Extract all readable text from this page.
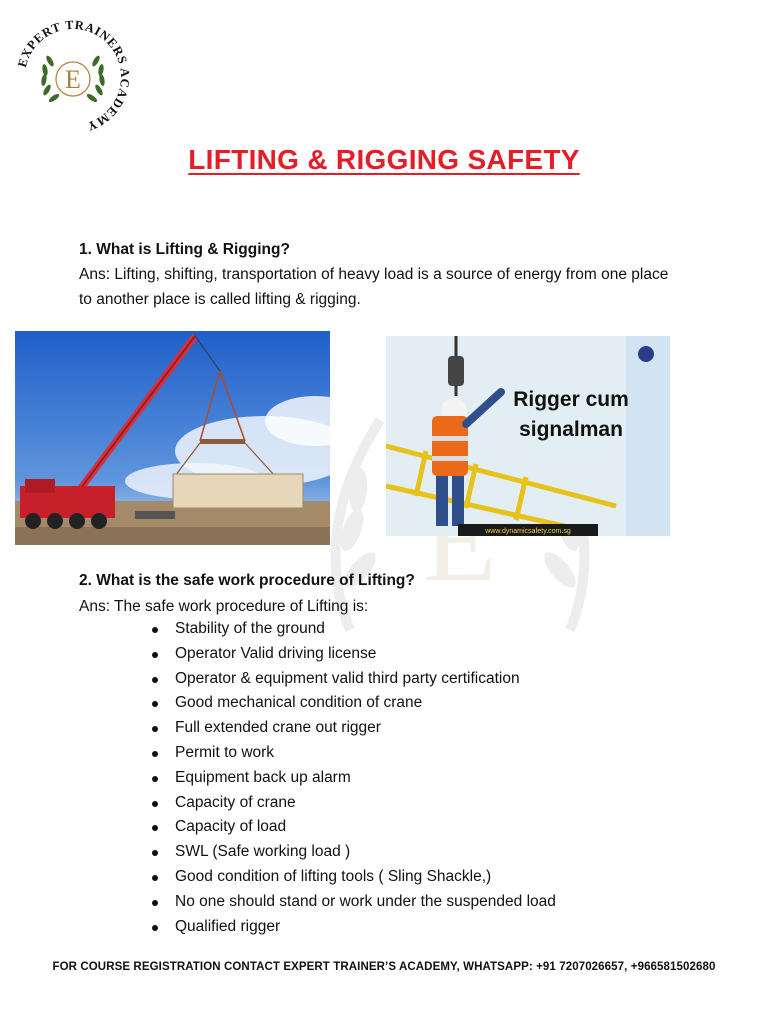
E
EXPERT TRAINERS ACADEMY
E
LIFTING & RIGGING SAFETY
1. What is Lifting & Rigging?
Ans: Lifting, shifting, transportation of heavy load is a source of energy from one place
to another place is called lifting & rigging.
www.dynamicsafety.com.sg
Rigger cum
signalman
2. What is the safe work procedure of Lifting?
Ans: The safe work procedure of Lifting is:
Stability of the ground
Operator Valid driving license
Operator & equipment valid third party certification
Good mechanical condition of crane
Full extended crane out rigger
Permit to work
Equipment back up alarm
Capacity of crane
Capacity of load
SWL (Safe working load )
Good condition of lifting tools ( Sling Shackle,)
No one should stand or work under the suspended load
Qualified rigger
FOR COURSE REGISTRATION CONTACT EXPERT TRAINER’S ACADEMY, WHATSAPP: +91 7207026657, +966581502680
